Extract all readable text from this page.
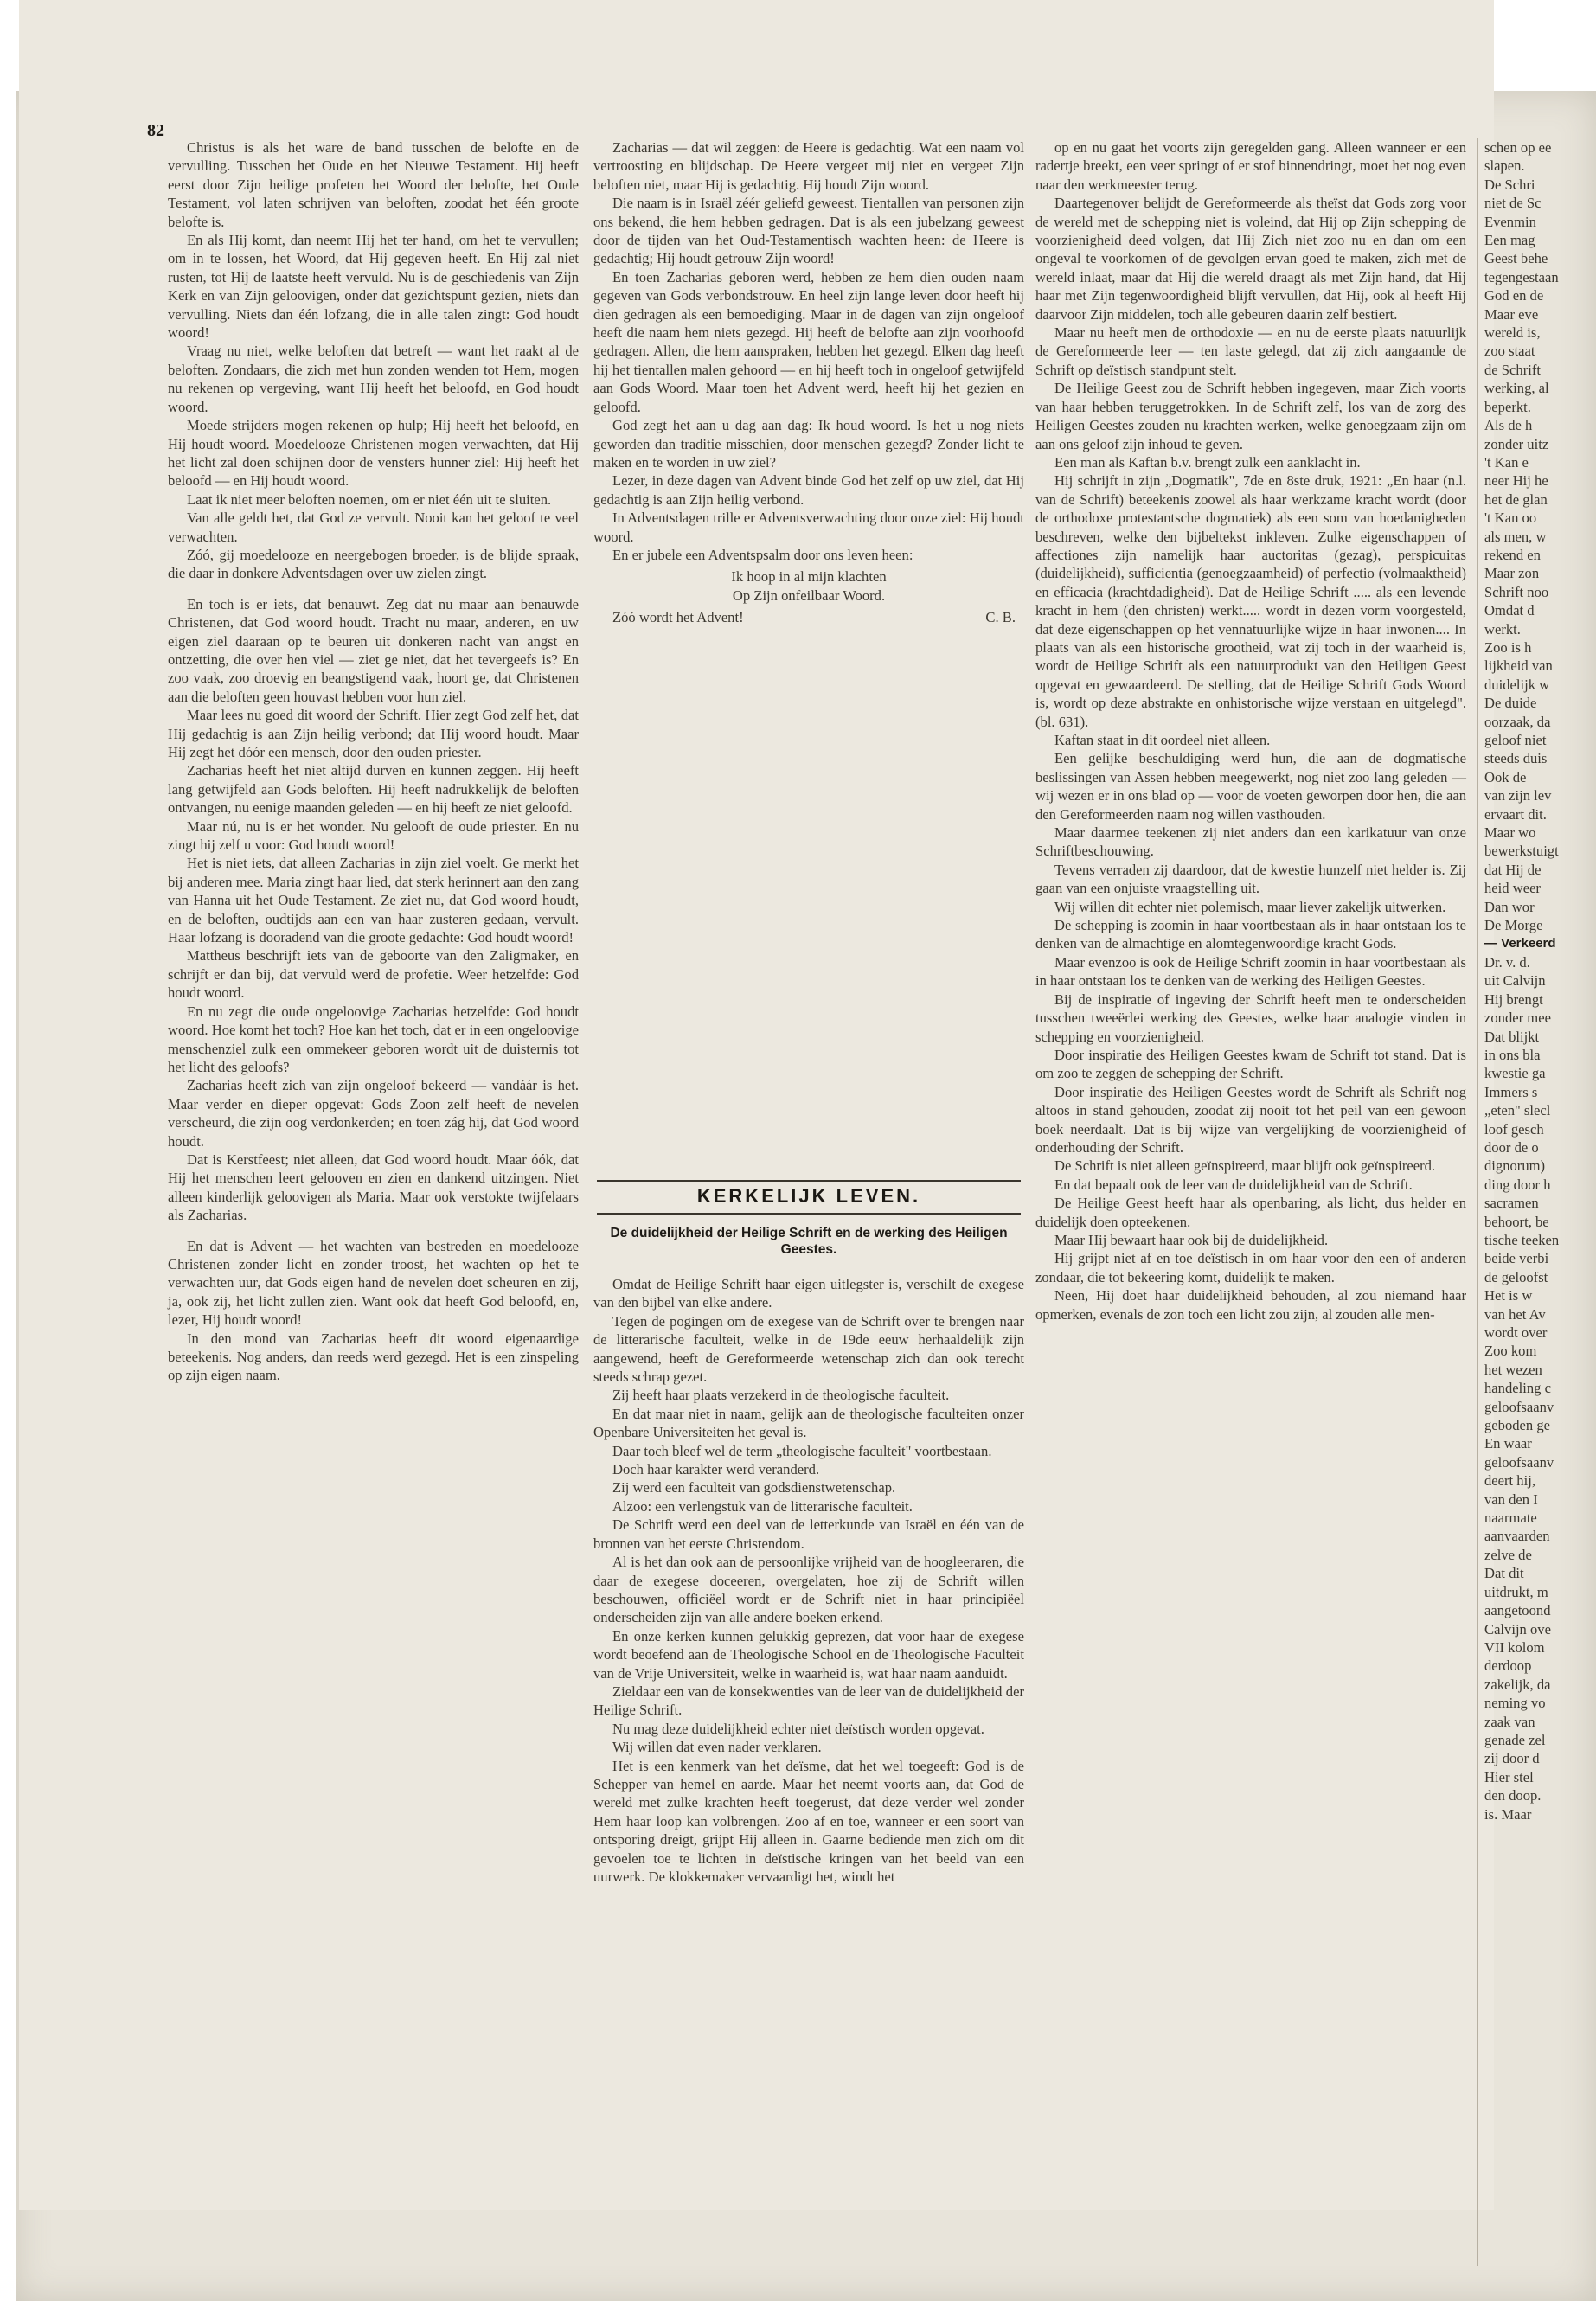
82

Christus is als het ware de band tusschen de belofte en de vervulling. Tusschen het Oude en het Nieuwe Testament. Hij heeft eerst door Zijn heilige profeten het Woord der belofte, het Oude Testament, vol laten schrijven van beloften, zoodat het één groote belofte is.

En als Hij komt, dan neemt Hij het ter hand, om het te vervullen; om in te lossen, het Woord, dat Hij gegeven heeft. En Hij zal niet rusten, tot Hij de laatste heeft vervuld. Nu is de geschiedenis van Zijn Kerk en van Zijn geloovigen, onder dat gezichtspunt gezien, niets dan vervulling. Niets dan één lofzang, die in alle talen zingt: God houdt woord!

Vraag nu niet, welke beloften dat betreft — want het raakt al de beloften. Zondaars, die zich met hun zonden wenden tot Hem, mogen nu rekenen op vergeving, want Hij heeft het beloofd, en God houdt woord.

Moede strijders mogen rekenen op hulp; Hij heeft het beloofd, en Hij houdt woord. Moedelooze Christenen mogen verwachten, dat Hij het licht zal doen schijnen door de vensters hunner ziel: Hij heeft het beloofd — en Hij houdt woord.

Laat ik niet meer beloften noemen, om er niet één uit te sluiten.

Van alle geldt het, dat God ze vervult. Nooit kan het geloof te veel verwachten.

Zóó, gij moedelooze en neergebogen broeder, is de blijde spraak, die daar in donkere Adventsdagen over uw zielen zingt.

En toch is er iets, dat benauwt. Zeg dat nu maar aan benauwde Christenen, dat God woord houdt. Tracht nu maar, anderen, en uw eigen ziel daaraan op te beuren uit donkeren nacht van angst en ontzetting, die over hen viel — ziet ge niet, dat het tevergeefs is? En zoo vaak, zoo droevig en beangstigend vaak, hoort ge, dat Christenen aan die beloften geen houvast hebben voor hun ziel.

Maar lees nu goed dit woord der Schrift. Hier zegt God zelf het, dat Hij gedachtig is aan Zijn heilig verbond; dat Hij woord houdt. Maar Hij zegt het dóór een mensch, door den ouden priester.

Zacharias heeft het niet altijd durven en kunnen zeggen. Hij heeft lang getwijfeld aan Gods beloften. Hij heeft nadrukkelijk de beloften ontvangen, nu eenige maanden geleden — en hij heeft ze niet geloofd.

Maar nú, nu is er het wonder. Nu gelooft de oude priester. En nu zingt hij zelf u voor: God houdt woord!

Het is niet iets, dat alleen Zacharias in zijn ziel voelt. Ge merkt het bij anderen mee. Maria zingt haar lied, dat sterk herinnert aan den zang van Hanna uit het Oude Testament. Ze ziet nu, dat God woord houdt, en de beloften, oudtijds aan een van haar zusteren gedaan, vervult. Haar lofzang is dooradend van die groote gedachte: God houdt woord!

Mattheus beschrijft iets van de geboorte van den Zaligmaker, en schrijft er dan bij, dat vervuld werd de profetie. Weer hetzelfde: God houdt woord.

En nu zegt die oude ongeloovige Zacharias hetzelfde: God houdt woord. Hoe komt het toch? Hoe kan het toch, dat er in een ongeloovige menschenziel zulk een ommekeer geboren wordt uit de duisternis tot het licht des geloofs?

Zacharias heeft zich van zijn ongeloof bekeerd — vandáár is het. Maar verder en dieper opgevat: Gods Zoon zelf heeft de nevelen verscheurd, die zijn oog verdonkerden; en toen zág hij, dat God woord houdt.

Dat is Kerstfeest; niet alleen, dat God woord houdt. Maar óók, dat Hij het menschen leert gelooven en zien en dankend uitzingen. Niet alleen kinderlijk geloovigen als Maria. Maar ook verstokte twijfelaars als Zacharias.

En dat is Advent — het wachten van bestreden en moedelooze Christenen zonder licht en zonder troost, het wachten op het te verwachten uur, dat Gods eigen hand de nevelen doet scheuren en zij, ja, ook zij, het licht zullen zien. Want ook dat heeft God beloofd, en, lezer, Hij houdt woord!

In den mond van Zacharias heeft dit woord eigenaardige beteekenis. Nog anders, dan reeds werd gezegd. Het is een zinspeling op zijn eigen naam.

Zacharias — dat wil zeggen: de Heere is gedachtig. Wat een naam vol vertroosting en blijdschap. De Heere vergeet mij niet en vergeet Zijn beloften niet, maar Hij is gedachtig. Hij houdt Zijn woord.

Die naam is in Israël zéér geliefd geweest. Tientallen van personen zijn ons bekend, die hem hebben gedragen. Dat is als een jubelzang geweest door de tijden van het Oud-Testamentisch wachten heen: de Heere is gedachtig; Hij houdt getrouw Zijn woord!

En toen Zacharias geboren werd, hebben ze hem dien ouden naam gegeven van Gods verbondstrouw. En heel zijn lange leven door heeft hij dien gedragen als een bemoediging. Maar in de dagen van zijn ongeloof heeft die naam hem niets gezegd. Hij heeft de belofte aan zijn voorhoofd gedragen. Allen, die hem aanspraken, hebben het gezegd. Elken dag heeft hij het tientallen malen gehoord — en hij heeft toch in ongeloof getwijfeld aan Gods Woord. Maar toen het Advent werd, heeft hij het gezien en geloofd.

God zegt het aan u dag aan dag: Ik houd woord. Is het u nog niets geworden dan traditie misschien, door menschen gezegd? Zonder licht te maken en te worden in uw ziel?

Lezer, in deze dagen van Advent binde God het zelf op uw ziel, dat Hij gedachtig is aan Zijn heilig verbond.

In Adventsdagen trille er Adventsverwachting door onze ziel: Hij houdt woord.

En er jubele een Adventspsalm door ons leven heen:

Ik hoop in al mijn klachten
Op Zijn onfeilbaar Woord.
Zóó wordt het Advent!	C. B.
KERKELIJK LEVEN.
De duidelijkheid der Heilige Schrift en de werking des Heiligen Geestes.

Omdat de Heilige Schrift haar eigen uitlegster is, verschilt de exegese van den bijbel van elke andere.

Tegen de pogingen om de exegese van de Schrift over te brengen naar de litterarische faculteit, welke in de 19de eeuw herhaaldelijk zijn aangewend, heeft de Gereformeerde wetenschap zich dan ook terecht steeds schrap gezet.

Zij heeft haar plaats verzekerd in de theologische faculteit.

En dat maar niet in naam, gelijk aan de theologische faculteiten onzer Openbare Universiteiten het geval is.

Daar toch bleef wel de term „theologische faculteit" voortbestaan.

Doch haar karakter werd veranderd.

Zij werd een faculteit van godsdienstwetenschap.

Alzoo: een verlengstuk van de litterarische faculteit.

De Schrift werd een deel van de letterkunde van Israël en één van de bronnen van het eerste Christendom.

Al is het dan ook aan de persoonlijke vrijheid van de hoogleeraren, die daar de exegese doceeren, overgelaten, hoe zij de Schrift willen beschouwen, officiëel wordt er de Schrift niet in haar principiëel onderscheiden zijn van alle andere boeken erkend.

En onze kerken kunnen gelukkig geprezen, dat voor haar de exegese wordt beoefend aan de Theologische School en de Theologische Faculteit van de Vrije Universiteit, welke in waarheid is, wat haar naam aanduidt.

Zieldaar een van de konsekwenties van de leer van de duidelijkheid der Heilige Schrift.

Nu mag deze duidelijkheid echter niet deïstisch worden opgevat.

Wij willen dat even nader verklaren.

Het is een kenmerk van het deïsme, dat het wel toegeeft: God is de Schepper van hemel en aarde. Maar het neemt voorts aan, dat God de wereld met zulke krachten heeft toegerust, dat deze verder wel zonder Hem haar loop kan volbrengen. Zoo af en toe, wanneer er een soort van ontsporing dreigt, grijpt Hij alleen in. Gaarne bediende men zich om dit gevoelen toe te lichten in deïstische kringen van het beeld van een uurwerk. De klokkemaker vervaardigt het, windt het

op en nu gaat het voorts zijn geregelden gang. Alleen wanneer er een radertje breekt, een veer springt of er stof binnendringt, moet het nog even naar den werkmeester terug.

Daartegenover belijdt de Gereformeerde als theïst dat Gods zorg voor de wereld met de schepping niet is voleind, dat Hij op Zijn schepping de voorzienigheid deed volgen, dat Hij Zich niet zoo nu en dan om een ongeval te voorkomen of de gevolgen ervan goed te maken, zich met de wereld inlaat, maar dat Hij die wereld draagt als met Zijn hand, dat Hij haar met Zijn tegenwoordigheid blijft vervullen, dat Hij, ook al heeft Hij daarvoor Zijn middelen, toch alle gebeuren daarin zelf bestiert.

Maar nu heeft men de orthodoxie — en nu de eerste plaats natuurlijk de Gereformeerde leer — ten laste gelegd, dat zij zich aangaande de Schrift op deïstisch standpunt stelt.

De Heilige Geest zou de Schrift hebben ingegeven, maar Zich voorts van haar hebben teruggetrokken. In de Schrift zelf, los van de zorg des Heiligen Geestes zouden nu krachten werken, welke genoegzaam zijn om aan ons geloof zijn inhoud te geven.

Een man als Kaftan b.v. brengt zulk een aanklacht in.

Hij schrijft in zijn „Dogmatik", 7de en 8ste druk, 1921: „En haar (n.l. van de Schrift) beteekenis zoowel als haar werkzame kracht wordt (door de orthodoxe protestantsche dogmatiek) als een som van hoedanigheden beschreven, welke den bijbeltekst inkleven. Zulke eigenschappen of affectiones zijn namelijk haar auctoritas (gezag), perspicuitas (duidelijkheid), sufficientia (genoegzaamheid) of perfectio (volmaaktheid) en efficacia (krachtdadigheid). Dat de Heilige Schrift ..... als een levende kracht in hem (den christen) werkt..... wordt in dezen vorm voorgesteld, dat deze eigenschappen op het vennatuurlijke wijze in haar inwonen.... In plaats van als een historische grootheid, wat zij toch in der waarheid is, wordt de Heilige Schrift als een natuurprodukt van den Heiligen Geest opgevat en gewaardeerd. De stelling, dat de Heilige Schrift Gods Woord is, wordt op deze abstrakte en onhistorische wijze verstaan en uitgelegd". (bl. 631).

Kaftan staat in dit oordeel niet alleen.

Een gelijke beschuldiging werd hun, die aan de dogmatische beslissingen van Assen hebben meegewerkt, nog niet zoo lang geleden — wij wezen er in ons blad op — voor de voeten geworpen door hen, die aan den Gereformeerden naam nog willen vasthouden.

Maar daarmee teekenen zij niet anders dan een karikatuur van onze Schriftbeschouwing.

Tevens verraden zij daardoor, dat de kwestie hunzelf niet helder is. Zij gaan van een onjuiste vraagstelling uit.

Wij willen dit echter niet polemisch, maar liever zakelijk uitwerken.

De schepping is zoomin in haar voortbestaan als in haar ontstaan los te denken van de almachtige en alomtegenwoordige kracht Gods.

Maar evenzoo is ook de Heilige Schrift zoomin in haar voortbestaan als in haar ontstaan los te denken van de werking des Heiligen Geestes.

Bij de inspiratie of ingeving der Schrift heeft men te onderscheiden tusschen tweeërlei werking des Geestes, welke haar analogie vinden in schepping en voorzienigheid.

Door inspiratie des Heiligen Geestes kwam de Schrift tot stand. Dat is om zoo te zeggen de schepping der Schrift.

Door inspiratie des Heiligen Geestes wordt de Schrift als Schrift nog altoos in stand gehouden, zoodat zij nooit tot het peil van een gewoon boek neerdaalt. Dat is bij wijze van vergelijking de voorzienigheid of onderhouding der Schrift.

De Schrift is niet alleen geïnspireerd, maar blijft ook geïnspireerd.

En dat bepaalt ook de leer van de duidelijkheid van de Schrift.

De Heilige Geest heeft haar als openbaring, als licht, dus helder en duidelijk doen opteekenen.

Maar Hij bewaart haar ook bij de duidelijkheid.

Hij grijpt niet af en toe deïstisch in om haar voor den een of anderen zondaar, die tot bekeering komt, duidelijk te maken.

Neen, Hij doet haar duidelijkheid behouden, al zou niemand haar opmerken, evenals de zon toch een licht zou zijn, al zouden alle men-

schen op ee

slapen.

De Schri

niet de Sc

Evenmin

Een mag

Geest behe

tegengestaan

God en de

Maar eve

wereld is,

zoo staat

de Schrift

werking, al

beperkt.

Als de h

zonder uitz

't Kan e

neer Hij he

het de glan

't Kan oo

als men, w

rekend en

Maar zon

Schrift noo

Omdat d

werkt.

Zoo is h

lijkheid van

duidelijk w

De duide

oorzaak, da

geloof niet

steeds duis

Ook de

van zijn lev

ervaart dit.

Maar wo

bewerkstuigt

dat Hij de

heid weer

Dan wor

De Morge

— Verkeerd

Dr. v. d.

uit Calvijn

Hij brengt

zonder mee

Dat blijkt

in ons bla

kwestie ga

Immers s

„eten" slecl

loof gesch

door de o

dignorum)

ding door h

sacramen

behoort, be

tische teeken

beide verbi

de geloofst

Het is w

van het Av

wordt over

Zoo kom

het wezen

handeling c

geloofsaanv

geboden ge

En waar

geloofsaanv

deert hij,

van den I

naarmate

aanvaarden

zelve de

Dat dit

uitdrukt, m

aangetoond

Calvijn ove

VII kolom

derdoop

zakelijk, da

neming vo

zaak van

genade zel

zij door d

Hier stel

den doop.

is. Maar
